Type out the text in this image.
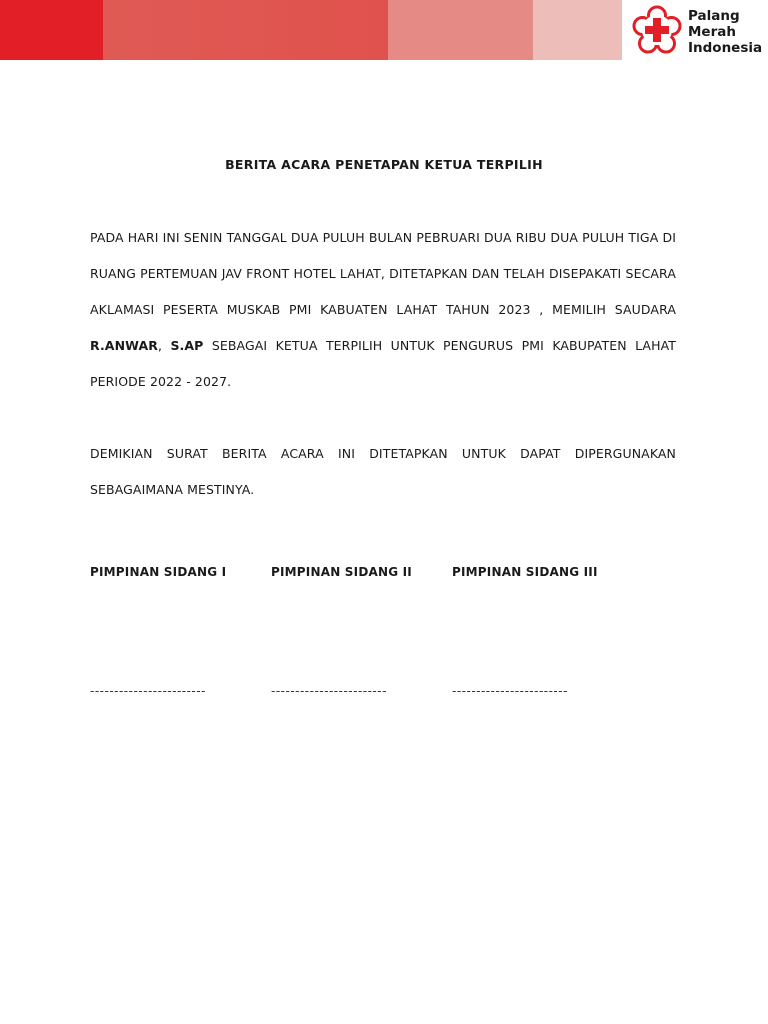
Palang
Merah
Indonesia
BERITA ACARA PENETAPAN KETUA TERPILIH
PADA HARI INI SENIN TANGGAL DUA PULUH BULAN PEBRUARI DUA RIBU DUA PULUH TIGA DI RUANG PERTEMUAN JAV FRONT HOTEL LAHAT, DITETAPKAN DAN TELAH DISEPAKATI SECARA AKLAMASI PESERTA MUSKAB PMI KABUATEN LAHAT TAHUN 2023 , MEMILIH SAUDARA R.ANWAR, S.AP SEBAGAI KETUA TERPILIH UNTUK PENGURUS PMI KABUPATEN LAHAT PERIODE 2022 - 2027.
DEMIKIAN SURAT BERITA ACARA INI DITETAPKAN UNTUK DAPAT DIPERGUNAKAN SEBAGAIMANA MESTINYA.
PIMPINAN SIDANG I	PIMPINAN SIDANG II	PIMPINAN SIDANG III
------------------------	------------------------	------------------------
